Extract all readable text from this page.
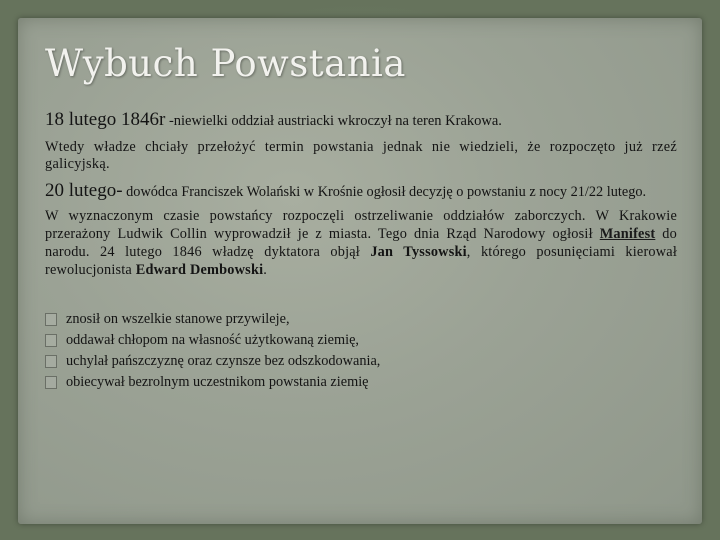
Wybuch Powstania

18 lutego 1846r -niewielki oddział austriacki wkroczył na teren Krakowa.

Wtedy władze chciały przełożyć termin powstania jednak nie wiedzieli, że rozpoczęto już rzeź galicyjską.

20 lutego- dowódca Franciszek Wolański w Krośnie ogłosił decyzję o powstaniu z nocy 21/22 lutego.

W wyznaczonym czasie powstańcy rozpoczęli ostrzeliwanie oddziałów zaborczych. W Krakowie przerażony Ludwik Collin wyprowadził je z miasta. Tego dnia Rząd Narodowy ogłosił Manifest do narodu. 24 lutego 1846 władzę dyktatora objął Jan Tyssowski, którego posunięciami kierował rewolucjonista Edward Dembowski.

znosił on wszelkie stanowe przywileje,
oddawał chłopom na własność użytkowaną ziemię,
uchylał pańszczyznę oraz czynsze bez odszkodowania,
obiecywał bezrolnym uczestnikom powstania ziemię
